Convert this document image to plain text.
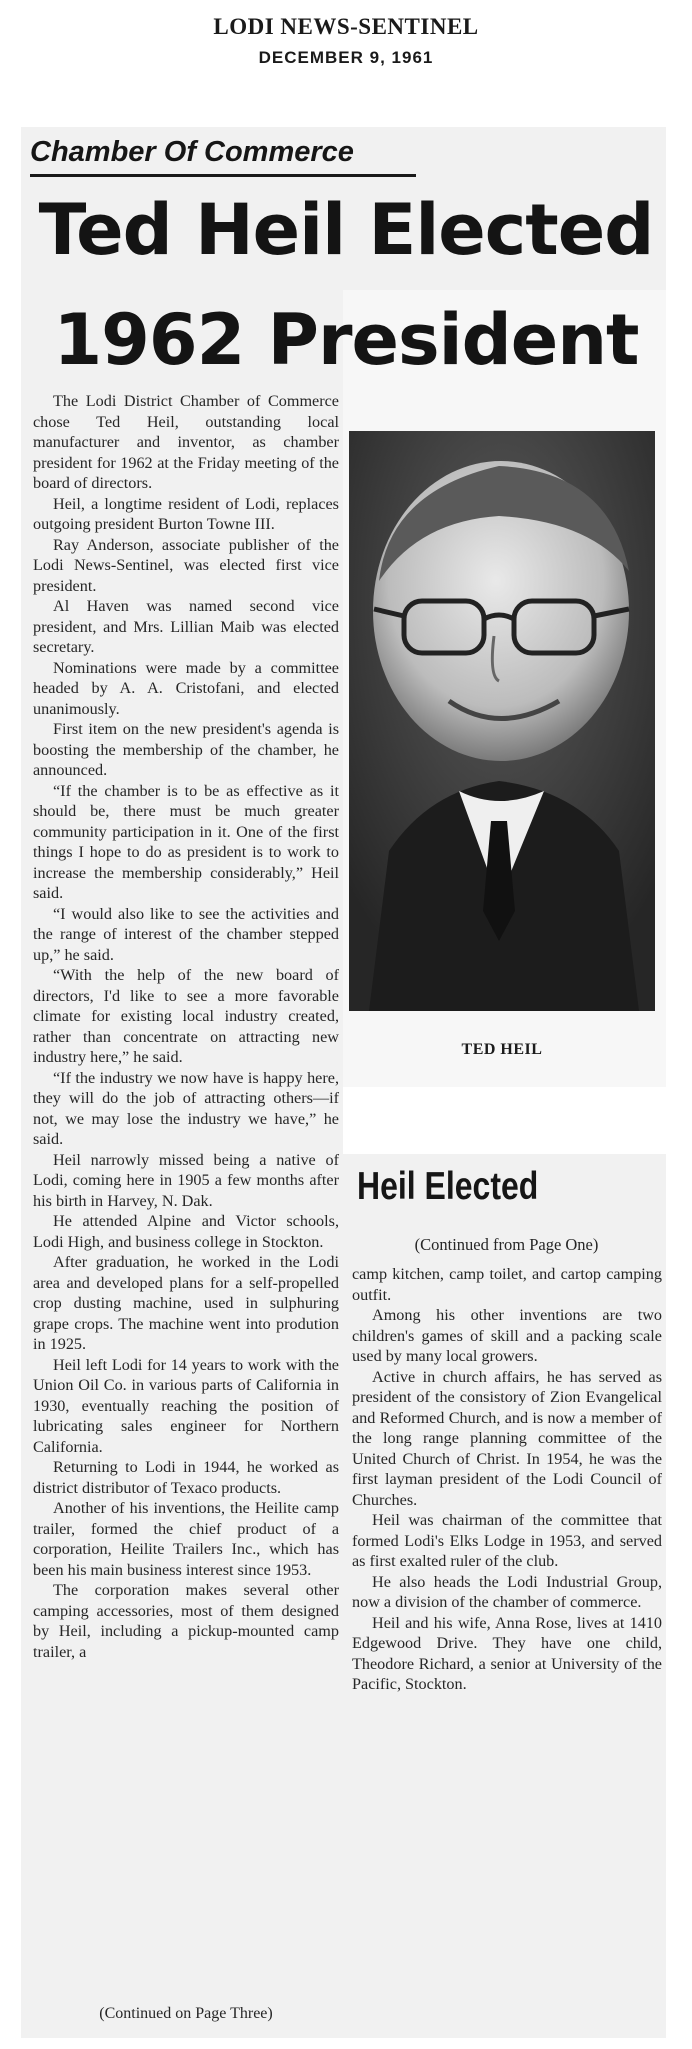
LODI NEWS-SENTINEL
DECEMBER 9, 1961
Chamber Of Commerce
Ted Heil Elected
1962 President

The Lodi District Chamber of Commerce chose Ted Heil, outstanding local manufacturer and inventor, as chamber president for 1962 at the Friday meeting of the board of directors.

Heil, a longtime resident of Lodi, replaces outgoing president Burton Towne III.

Ray Anderson, associate publisher of the Lodi News-Sentinel, was elected first vice president.

Al Haven was named second vice president, and Mrs. Lillian Maib was elected secretary.

Nominations were made by a committee headed by A. A. Cristofani, and elected unanimously.

First item on the new president's agenda is boosting the membership of the chamber, he announced.

“If the chamber is to be as effective as it should be, there must be much greater community participation in it. One of the first things I hope to do as president is to work to increase the membership considerably,” Heil said.

“I would also like to see the activities and the range of interest of the chamber stepped up,” he said.

“With the help of the new board of directors, I'd like to see a more favorable climate for existing local industry created, rather than concentrate on attracting new industry here,” he said.

“If the industry we now have is happy here, they will do the job of attracting others—if not, we may lose the industry we have,” he said.

Heil narrowly missed being a native of Lodi, coming here in 1905 a few months after his birth in Harvey, N. Dak.

He attended Alpine and Victor schools, Lodi High, and business college in Stockton.

After graduation, he worked in the Lodi area and developed plans for a self-propelled crop dusting machine, used in sulphuring grape crops. The machine went into prodution in 1925.

Heil left Lodi for 14 years to work with the Union Oil Co. in various parts of California in 1930, eventually reaching the position of lubricating sales engineer for Northern California.

Returning to Lodi in 1944, he worked as district distributor of Texaco products.

Another of his inventions, the Heilite camp trailer, formed the chief product of a corporation, Heilite Trailers Inc., which has been his main business interest since 1953.

The corporation makes several other camping accessories, most of them designed by Heil, including a pickup-mounted camp trailer, a

TED HEIL
Heil Elected
(Continued from Page One)

camp kitchen, camp toilet, and cartop camping outfit.

Among his other inventions are two children's games of skill and a packing scale used by many local growers.

Active in church affairs, he has served as president of the consistory of Zion Evangelical and Reformed Church, and is now a member of the long range planning committee of the United Church of Christ. In 1954, he was the first layman president of the Lodi Council of Churches.

Heil was chairman of the committee that formed Lodi's Elks Lodge in 1953, and served as first exalted ruler of the club.

He also heads the Lodi Industrial Group, now a division of the chamber of commerce.

Heil and his wife, Anna Rose, lives at 1410 Edgewood Drive. They have one child, Theodore Richard, a senior at University of the Pacific, Stockton.

(Continued on Page Three)
